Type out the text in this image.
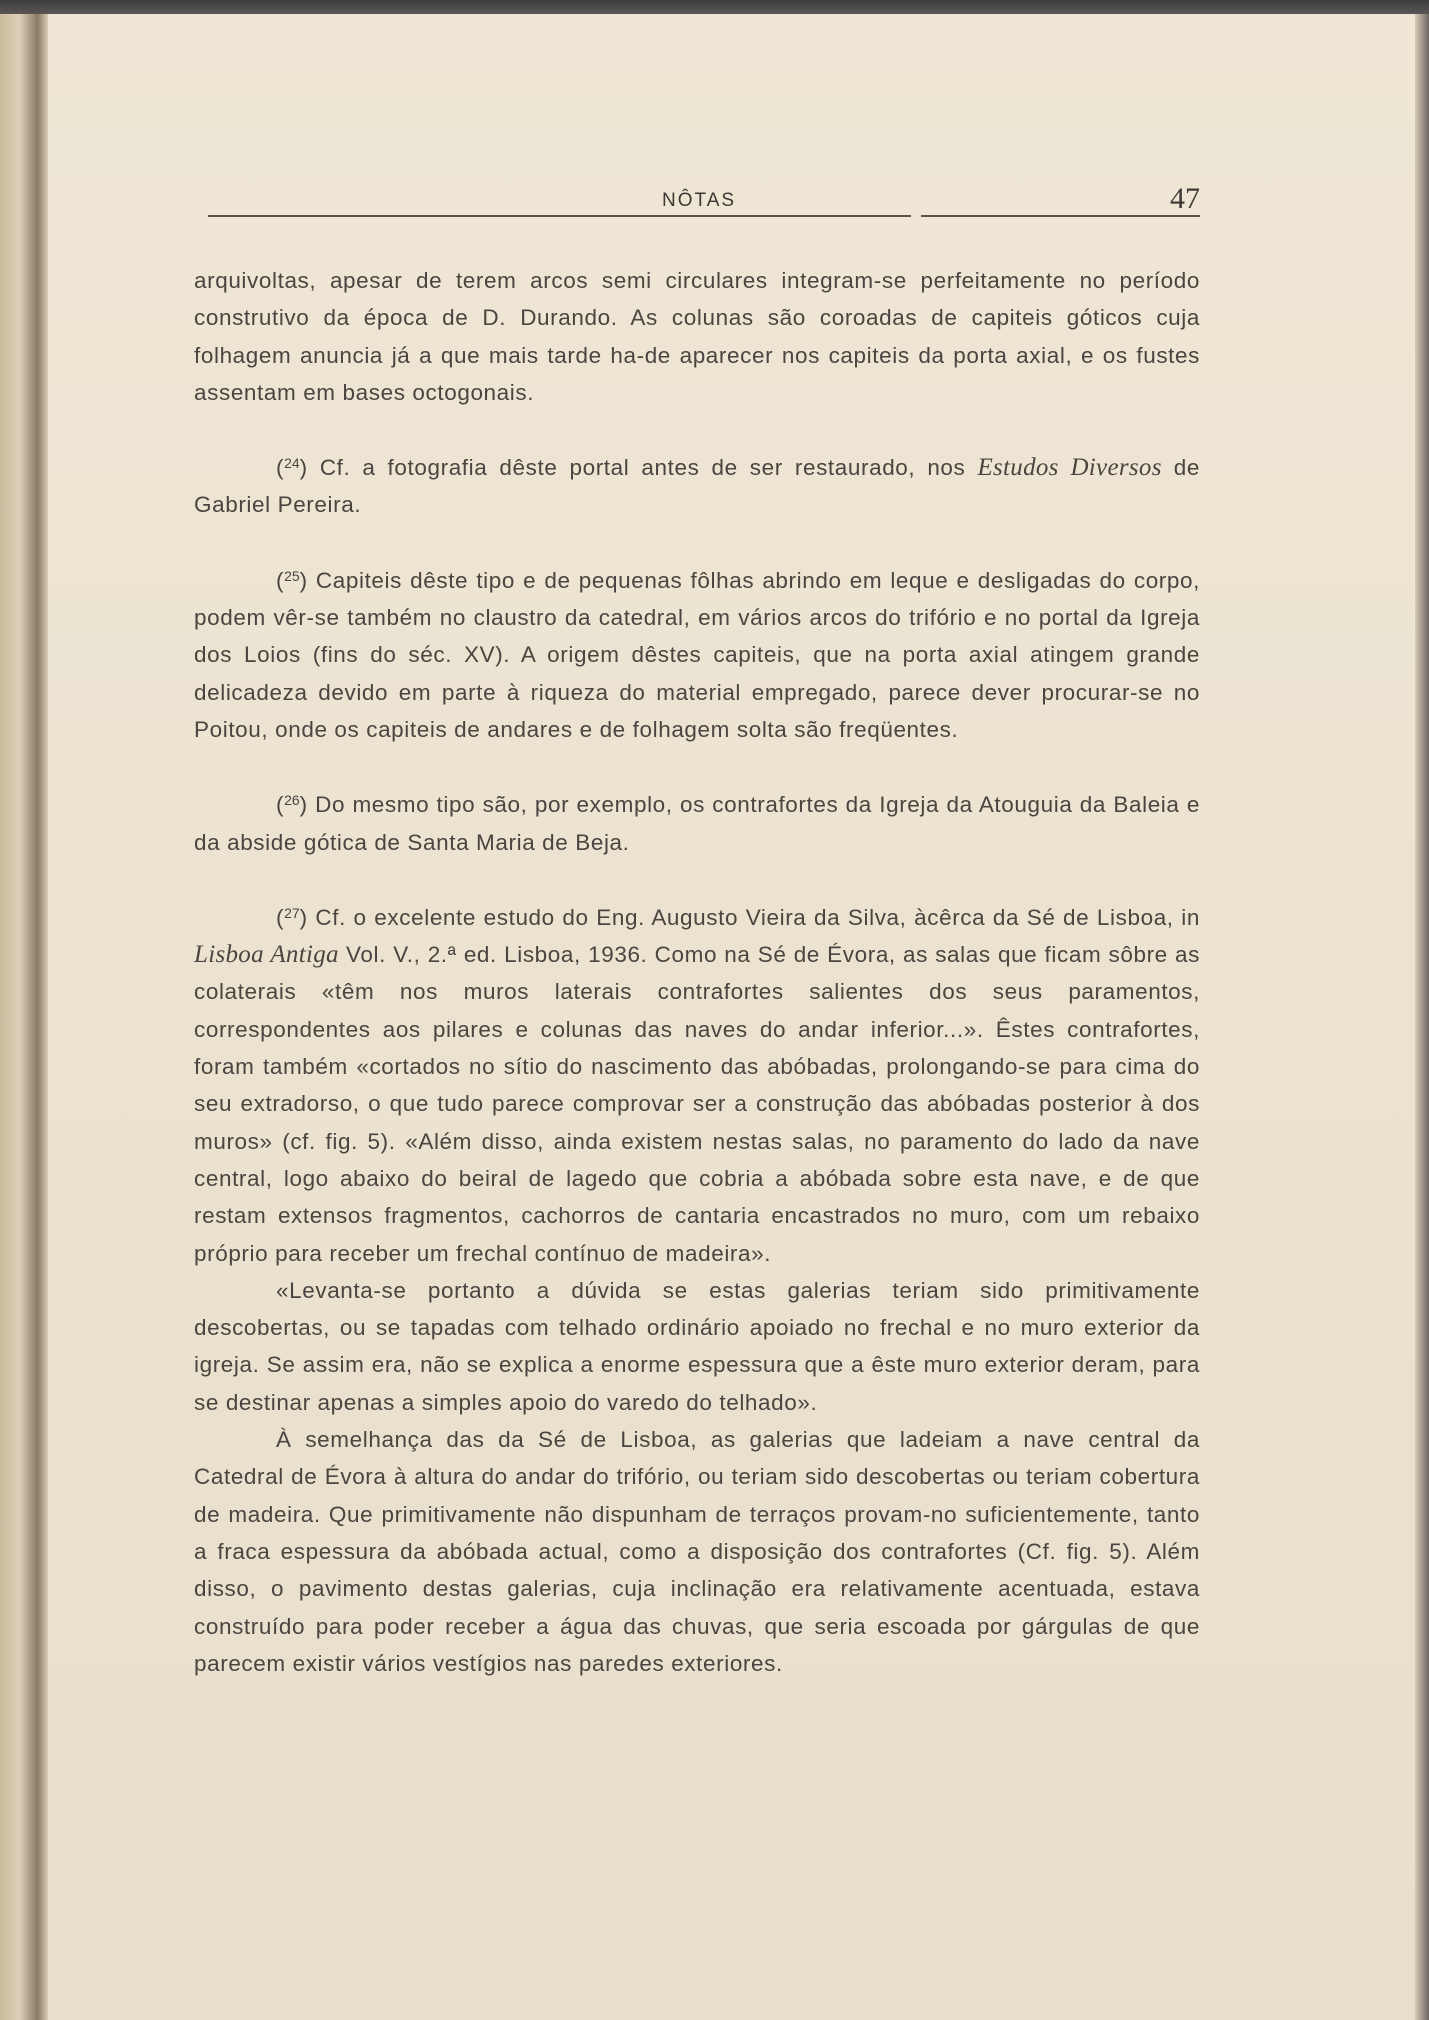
NÔTAS	47

arquivoltas, apesar de terem arcos semi circulares integram-se perfeitamente no período construtivo da época de D. Durando. As colunas são coroadas de capiteis góticos cuja folhagem anuncia já a que mais tarde ha-de aparecer nos capiteis da porta axial, e os fustes assentam em bases octogonais.

($^{24}$) Cf. a fotografia dêste portal antes de ser restaurado, nos Estudos Diversos de Gabriel Pereira.

($^{25}$) Capiteis dêste tipo e de pequenas fôlhas abrindo em leque e desligadas do corpo, podem vêr-se também no claustro da catedral, em vários arcos do trifório e no portal da Igreja dos Loios (fins do séc. XV). A origem dêstes capiteis, que na porta axial atingem grande delicadeza devido em parte à riqueza do material empregado, parece dever procurar-se no Poitou, onde os capiteis de andares e de folhagem solta são freqüentes.

($^{26}$) Do mesmo tipo são, por exemplo, os contrafortes da Igreja da Atouguia da Baleia e da abside gótica de Santa Maria de Beja.

($^{27}$) Cf. o excelente estudo do Eng. Augusto Vieira da Silva, àcêrca da Sé de Lisboa, in Lisboa Antiga Vol. V., 2.ª ed. Lisboa, 1936. Como na Sé de Évora, as salas que ficam sôbre as colaterais «têm nos muros laterais contrafortes salientes dos seus paramentos, correspondentes aos pilares e colunas das naves do andar inferior...». Êstes contrafortes, foram também «cortados no sítio do nascimento das abóbadas, prolongando-se para cima do seu extradorso, o que tudo parece comprovar ser a construção das abóbadas posterior à dos muros» (cf. fig. 5). «Além disso, ainda existem nestas salas, no paramento do lado da nave central, logo abaixo do beiral de lagedo que cobria a abóbada sobre esta nave, e de que restam extensos fragmentos, cachorros de cantaria encastrados no muro, com um rebaixo próprio para receber um frechal contínuo de madeira».

«Levanta-se portanto a dúvida se estas galerias teriam sido primitivamente descobertas, ou se tapadas com telhado ordinário apoiado no frechal e no muro exterior da igreja. Se assim era, não se explica a enorme espessura que a êste muro exterior deram, para se destinar apenas a simples apoio do varedo do telhado».

À semelhança das da Sé de Lisboa, as galerias que ladeiam a nave central da Catedral de Évora à altura do andar do trifório, ou teriam sido descobertas ou teriam cobertura de madeira. Que primitivamente não dispunham de terraços provam-no suficientemente, tanto a fraca espessura da abóbada actual, como a disposição dos contrafortes (Cf. fig. 5). Além disso, o pavimento destas galerias, cuja inclinação era relativamente acentuada, estava construído para poder receber a água das chuvas, que seria escoada por gárgulas de que parecem existir vários vestígios nas paredes exteriores.
